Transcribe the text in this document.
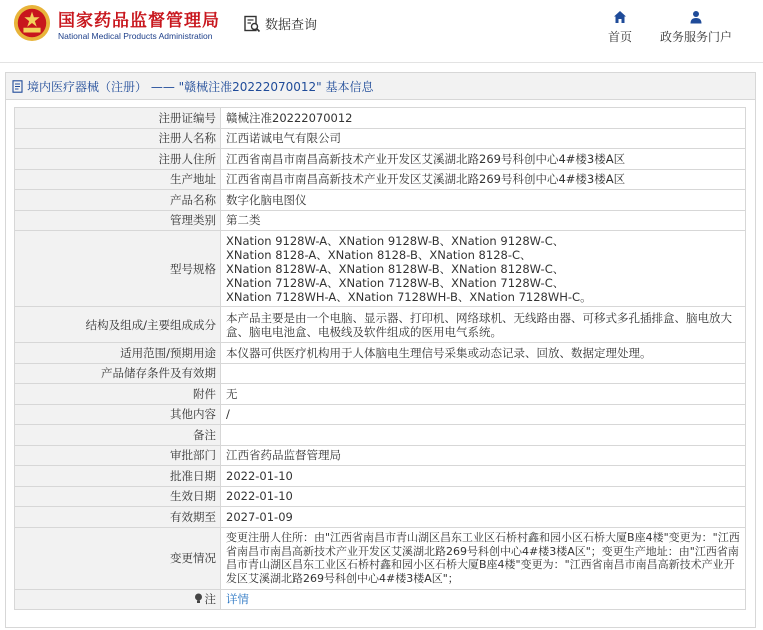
国家药品监督管理局
National Medical Products Administration
数据查询
首页 政务服务门户
境内医疗器械（注册） —— "赣械注准20222070012" 基本信息
注册证编号	赣械注准20222070012
注册人名称	江西诺诚电气有限公司
注册人住所	江西省南昌市南昌高新技术产业开发区艾溪湖北路269号科创中心4#楼3楼A区
生产地址	江西省南昌市南昌高新技术产业开发区艾溪湖北路269号科创中心4#楼3楼A区
产品名称	数字化脑电图仪
管理类别	第二类
型号规格	XNation 9128W-A、XNation 9128W-B、XNation 9128W-C、
XNation 8128-A、XNation 8128-B、XNation 8128-C、
XNation 8128W-A、XNation 8128W-B、XNation 8128W-C、
XNation 7128W-A、XNation 7128W-B、XNation 7128W-C、
XNation 7128WH-A、XNation 7128WH-B、XNation 7128WH-C。

结构及组成/主要组成成分	本产品主要是由一个电脑、显示器、打印机、网络球机、无线路由器、可移式多孔插排盒、脑电放大盒、脑电电池盒、电极线及软件组成的医用电气系统。
适用范围/预期用途	本仪器可供医疗机构用于人体脑电生理信号采集或动态记录、回放、数据定理处理。
产品储存条件及有效期	
附件	无
其他内容	/
备注	
审批部门	江西省药品监督管理局
批准日期	2022-01-10
生效日期	2022-01-10
有效期至	2027-01-09
变更情况	变更注册人住所：由"江西省南昌市青山湖区昌东工业区石桥村鑫和园小区石桥大厦B座4楼"变更为："江西省南昌市南昌高新技术产业开发区艾溪湖北路269号科创中心4#楼3楼A区"；变更生产地址：由"江西省南昌市青山湖区昌东工业区石桥村鑫和园小区石桥大厦B座4楼"变更为："江西省南昌市南昌高新技术产业开发区艾溪湖北路269号科创中心4#楼3楼A区"；
注	详情
